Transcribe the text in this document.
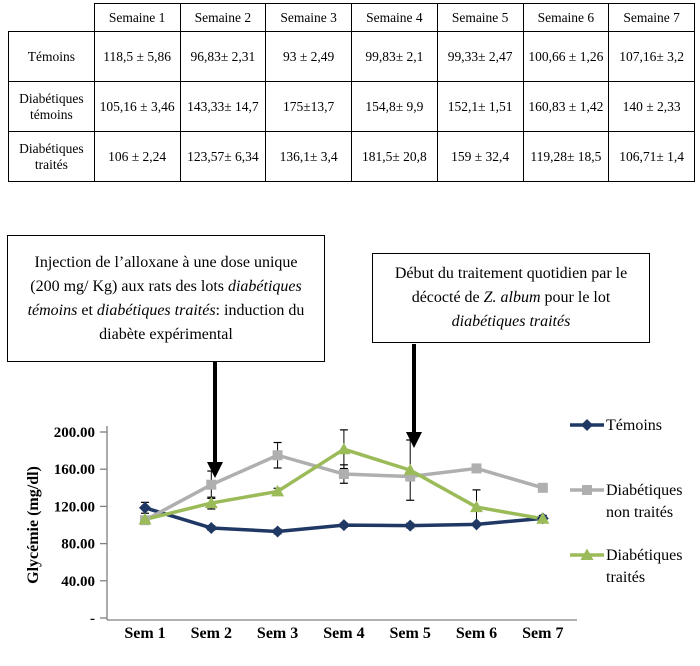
	Semaine 1	Semaine 2	Semaine 3	Semaine 4	Semaine 5	Semaine 6	Semaine 7
Témoins	118,5 ± 5,86	96,83± 2,31	93 ± 2,49	99,83± 2,1	99,33± 2,47	100,66 ± 1,26	107,16± 3,2
Diabétiques témoins	105,16 ± 3,46	143,33± 14,7	175±13,7	154,8± 9,9	152,1± 1,51	160,83 ± 1,42	140 ± 2,33
Diabétiques traités	106 ± 2,24	123,57± 6,34	136,1± 3,4	181,5± 20,8	159 ± 32,4	119,28± 18,5	106,71± 1,4
Injection de l’alloxane à une dose unique (200 mg/ Kg) aux rats des lots diabétiques témoins et diabétiques traités: induction du diabète expérimental
Début du traitement quotidien par le décocté de Z. album pour le lot diabétiques traités
-
40.00
80.00
120.00
160.00
200.00
Sem 1 Sem 2 Sem 3 Sem 4 Sem 5 Sem 6 Sem 7
Glycémie (mg/dl)
Témoins
Diabétiques
non traités
Diabétiques
traités
